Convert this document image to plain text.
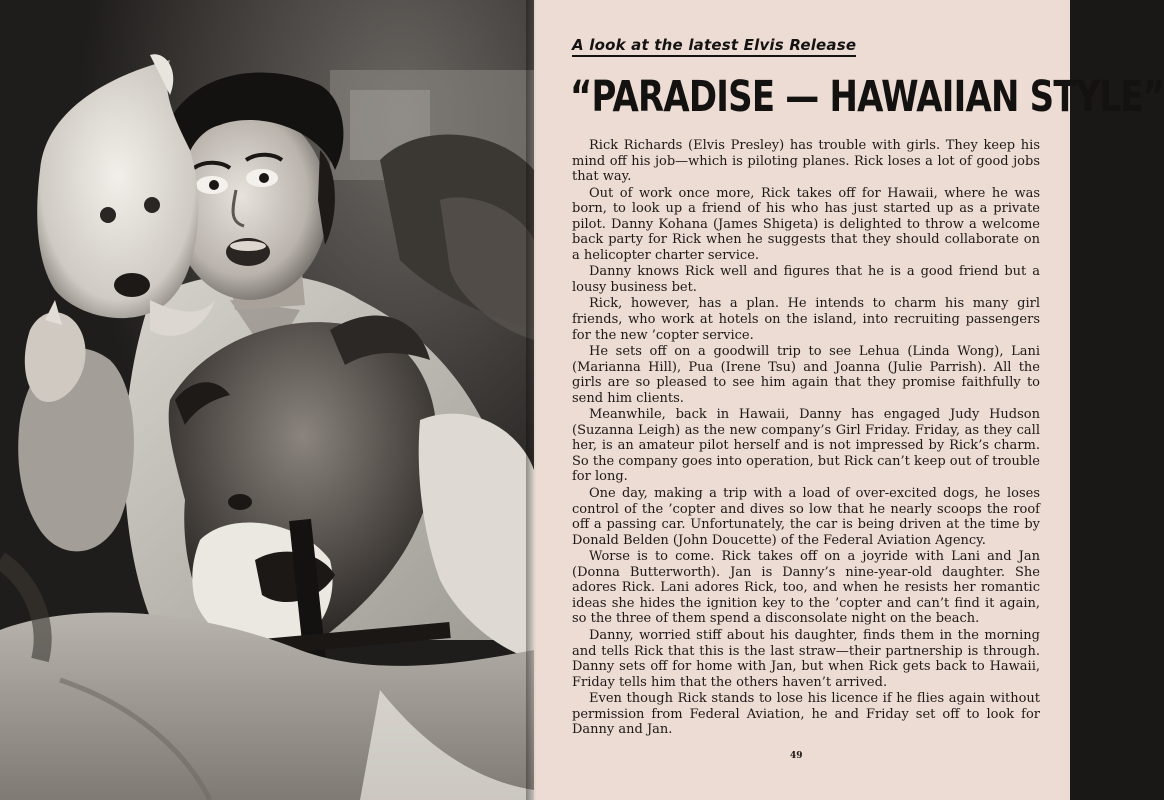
A look at the latest Elvis Release
“PARADISE — HAWAIIAN STYLE”

Rick Richards (Elvis Presley) has trouble with girls. They keep his mind off his job—which is piloting planes. Rick loses a lot of good jobs that way.

Out of work once more, Rick takes off for Hawaii, where he was born, to look up a friend of his who has just started up as a private pilot. Danny Kohana (James Shigeta) is delighted to throw a welcome back party for Rick when he suggests that they should collaborate on a helicopter charter service.

Danny knows Rick well and figures that he is a good friend but a lousy business bet.

Rick, however, has a plan. He intends to charm his many girl friends, who work at hotels on the island, into recruiting passengers for the new ’copter service.

He sets off on a goodwill trip to see Lehua (Linda Wong), Lani (Marianna Hill), Pua (Irene Tsu) and Joanna (Julie Parrish). All the girls are so pleased to see him again that they promise faithfully to send him clients.

Meanwhile, back in Hawaii, Danny has engaged Judy Hudson (Suzanna Leigh) as the new company’s Girl Friday. Friday, as they call her, is an amateur pilot herself and is not impressed by Rick’s charm. So the company goes into operation, but Rick can’t keep out of trouble for long.

One day, making a trip with a load of over-excited dogs, he loses control of the ’copter and dives so low that he nearly scoops the roof off a passing car. Unfortunately, the car is being driven at the time by Donald Belden (John Doucette) of the Federal Aviation Agency.

Worse is to come. Rick takes off on a joyride with Lani and Jan (Donna Butterworth). Jan is Danny’s nine-year-old daughter. She adores Rick. Lani adores Rick, too, and when he resists her romantic ideas she hides the ignition key to the ’copter and can’t find it again, so the three of them spend a disconsolate night on the beach.

Danny, worried stiff about his daughter, finds them in the morning and tells Rick that this is the last straw—their partnership is through. Danny sets off for home with Jan, but when Rick gets back to Hawaii, Friday tells him that the others haven’t arrived.

Even though Rick stands to lose his licence if he flies again without permission from Federal Aviation, he and Friday set off to look for Danny and Jan.

49
